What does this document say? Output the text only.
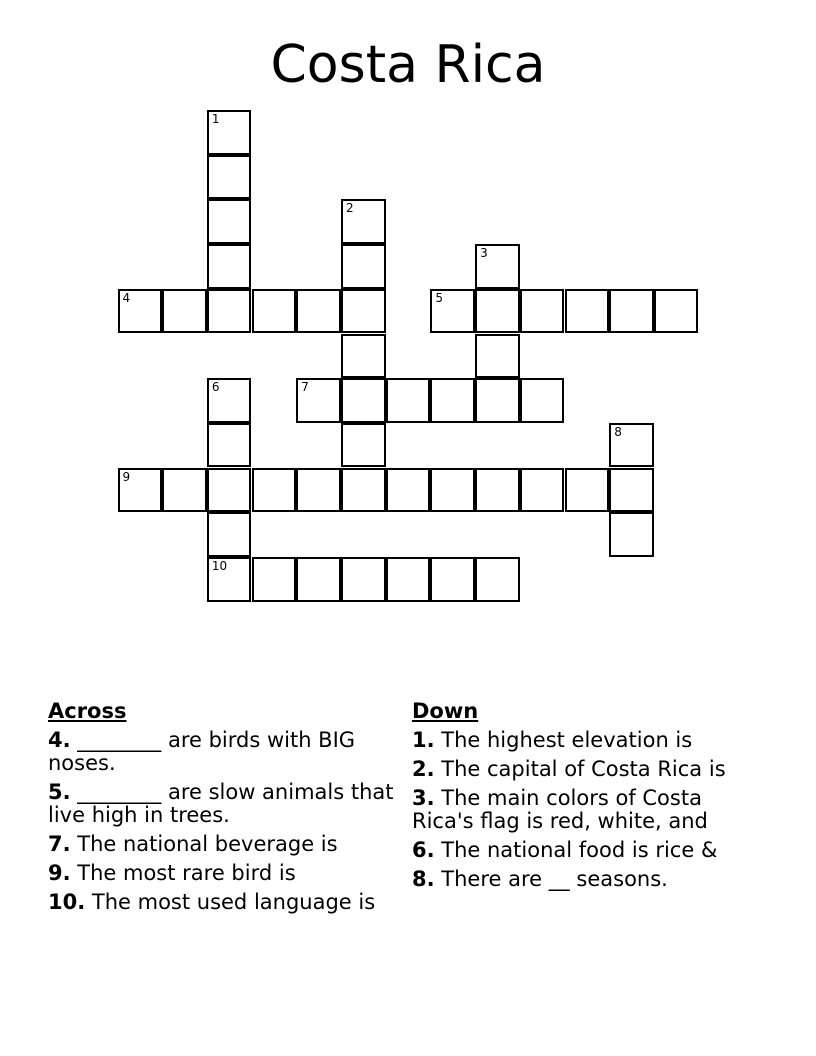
Costa Rica
1
2
3
4	5
6	7
8
9
10
Across
4. ________ are birds with BIG noses.
5. ________ are slow animals that live high in trees.
7. The national beverage is
9. The most rare bird is
10. The most used language is
Down
1. The highest elevation is
2. The capital of Costa Rica is
3. The main colors of Costa Rica's flag is red, white, and
6. The national food is rice &
8. There are __ seasons.
